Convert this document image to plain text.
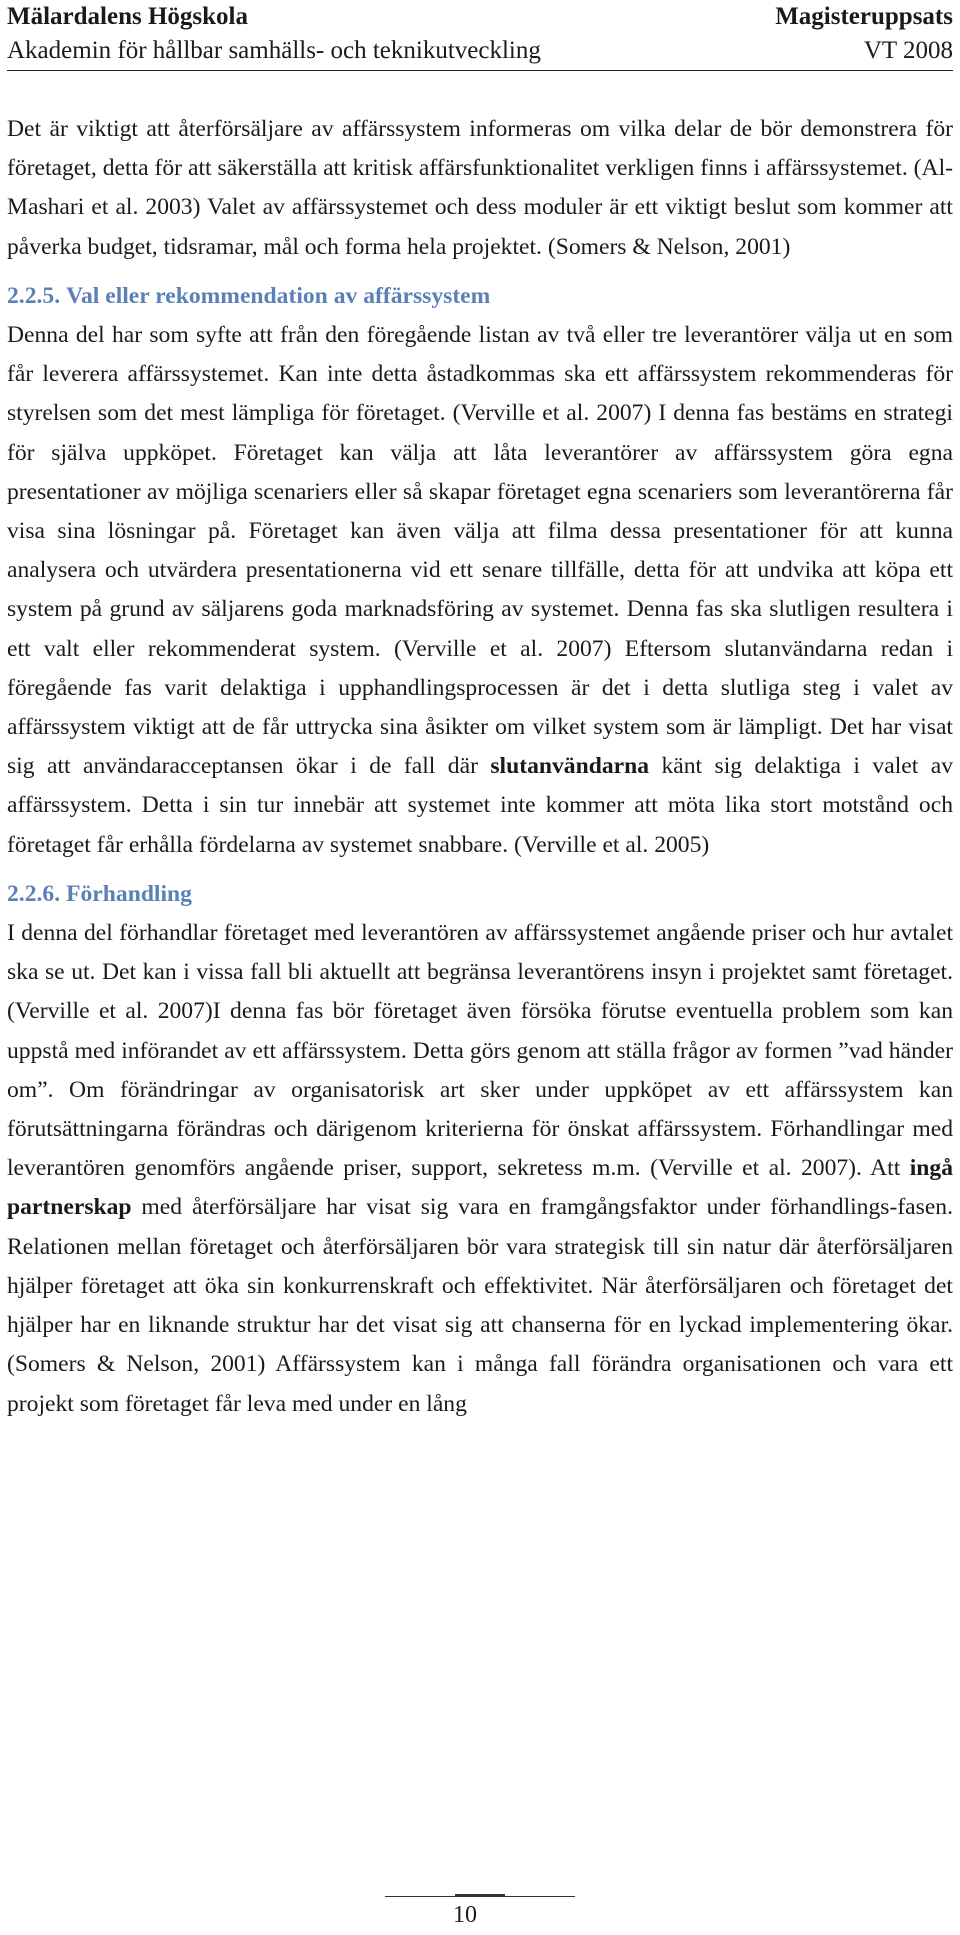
Mälardalens Högskola	Magisteruppsats
Akademin för hållbar samhälls- och teknikutveckling	VT 2008

Det är viktigt att återförsäljare av affärssystem informeras om vilka delar de bör demonstrera för företaget, detta för att säkerställa att kritisk affärsfunktionalitet verkligen finns i affärssystemet. (Al-Mashari et al. 2003) Valet av affärssystemet och dess moduler är ett viktigt beslut som kommer att påverka budget, tidsramar, mål och forma hela projektet. (Somers & Nelson, 2001)

2.2.5. Val eller rekommendation av affärssystem

Denna del har som syfte att från den föregående listan av två eller tre leverantörer välja ut en som får leverera affärssystemet. Kan inte detta åstadkommas ska ett affärssystem rekommenderas för styrelsen som det mest lämpliga för företaget. (Verville et al. 2007) I denna fas bestäms en strategi för själva uppköpet. Företaget kan välja att låta leverantörer av affärssystem göra egna presentationer av möjliga scenariers eller så skapar företaget egna scenariers som leverantörerna får visa sina lösningar på. Företaget kan även välja att filma dessa presentationer för att kunna analysera och utvärdera presentationerna vid ett senare tillfälle, detta för att undvika att köpa ett system på grund av säljarens goda marknadsföring av systemet. Denna fas ska slutligen resultera i ett valt eller rekommenderat system. (Verville et al. 2007) Eftersom slutanvändarna redan i föregående fas varit delaktiga i upphandlingsprocessen är det i detta slutliga steg i valet av affärssystem viktigt att de får uttrycka sina åsikter om vilket system som är lämpligt. Det har visat sig att användaracceptansen ökar i de fall där slutanvändarna känt sig delaktiga i valet av affärssystem. Detta i sin tur innebär att systemet inte kommer att möta lika stort motstånd och företaget får erhålla fördelarna av systemet snabbare. (Verville et al. 2005)

2.2.6. Förhandling

I denna del förhandlar företaget med leverantören av affärssystemet angående priser och hur avtalet ska se ut. Det kan i vissa fall bli aktuellt att begränsa leverantörens insyn i projektet samt företaget. (Verville et al. 2007)I denna fas bör företaget även försöka förutse eventuella problem som kan uppstå med införandet av ett affärssystem. Detta görs genom att ställa frågor av formen ”vad händer om”. Om förändringar av organisatorisk art sker under uppköpet av ett affärssystem kan förutsättningarna förändras och därigenom kriterierna för önskat affärssystem. Förhandlingar med leverantören genomförs angående priser, support, sekretess m.m. (Verville et al. 2007). Att ingå partnerskap med återförsäljare har visat sig vara en framgångsfaktor under förhandlings-fasen. Relationen mellan företaget och återförsäljaren bör vara strategisk till sin natur där återförsäljaren hjälper företaget att öka sin konkurrenskraft och effektivitet. När återförsäljaren och företaget det hjälper har en liknande struktur har det visat sig att chanserna för en lyckad implementering ökar. (Somers & Nelson, 2001) Affärssystem kan i många fall förändra organisationen och vara ett projekt som företaget får leva med under en lång

10
